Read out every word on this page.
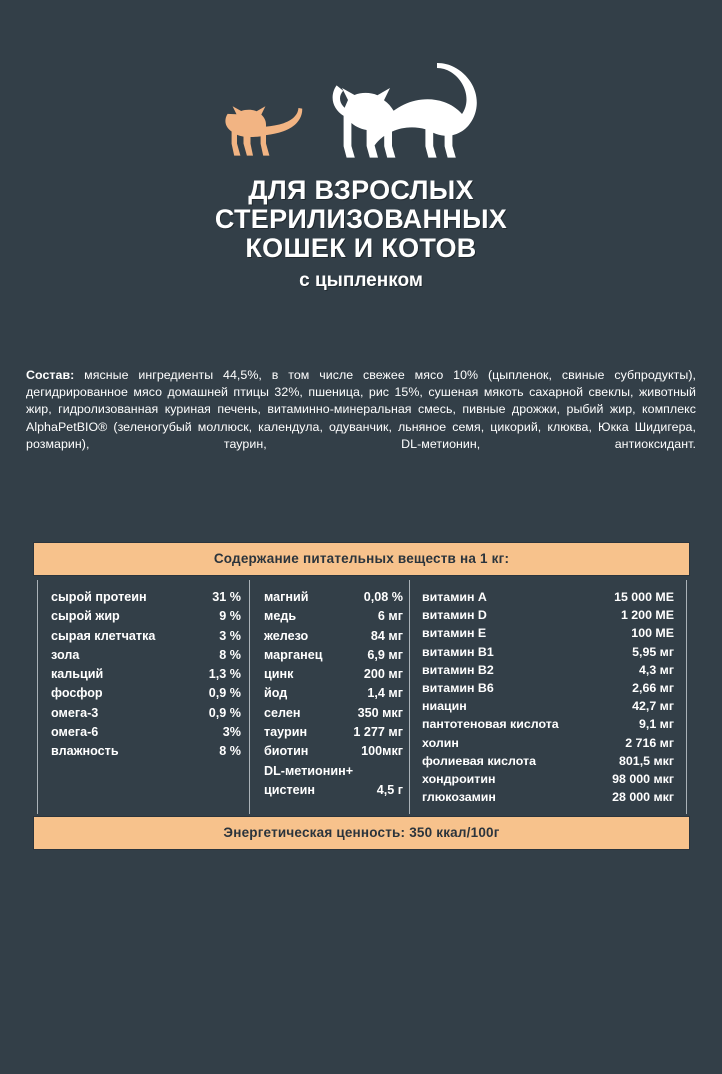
ДЛЯ ВЗРОСЛЫХ
СТЕРИЛИЗОВАННЫХ
КОШЕК И КОТОВ
с цыпленком

Состав: мясные ингредиенты 44,5%, в том числе свежее мясо 10% (цыпленок, свиные субпродукты), дегидрированное мясо домашней птицы 32%, пшеница, рис 15%, сушеная мякоть сахарной свеклы, животный жир, гидролизованная куриная печень, витаминно-минеральная смесь, пивные дрожжи, рыбий жир, комплекс AlphaPetBIO® (зеленогубый моллюск, календула, одуванчик, льняное семя, цикорий, клюква, Юкка Шидигера, розмарин), таурин, DL-метионин, антиоксидант.

Содержание питательных веществ на 1 кг:
сырой протеин	31 %
сырой жир	9 %
сырая клетчатка	3 %
зола	8 %
кальций	1,3 %
фосфор	0,9 %
омега-3	0,9 %
омега-6	3%
влажность	8 %
магний	0,08 %
медь	6 мг
железо	84 мг
марганец	6,9 мг
цинк	200 мг
йод	1,4 мг
селен	350 мкг
таурин	1 277 мг
биотин	100мкг
DL-метионин+
цистеин	4,5 г
витамин A	15 000 МЕ
витамин D	1 200 МЕ
витамин E	100 МЕ
витамин B1	5,95 мг
витамин B2	4,3 мг
витамин B6	2,66 мг
ниацин	42,7 мг
пантотеновая кислота	9,1 мг
холин	2 716 мг
фолиевая кислота	801,5 мкг
хондроитин	98 000 мкг
глюкозамин	28 000 мкг
Энергетическая ценность: 350 ккал/100г
